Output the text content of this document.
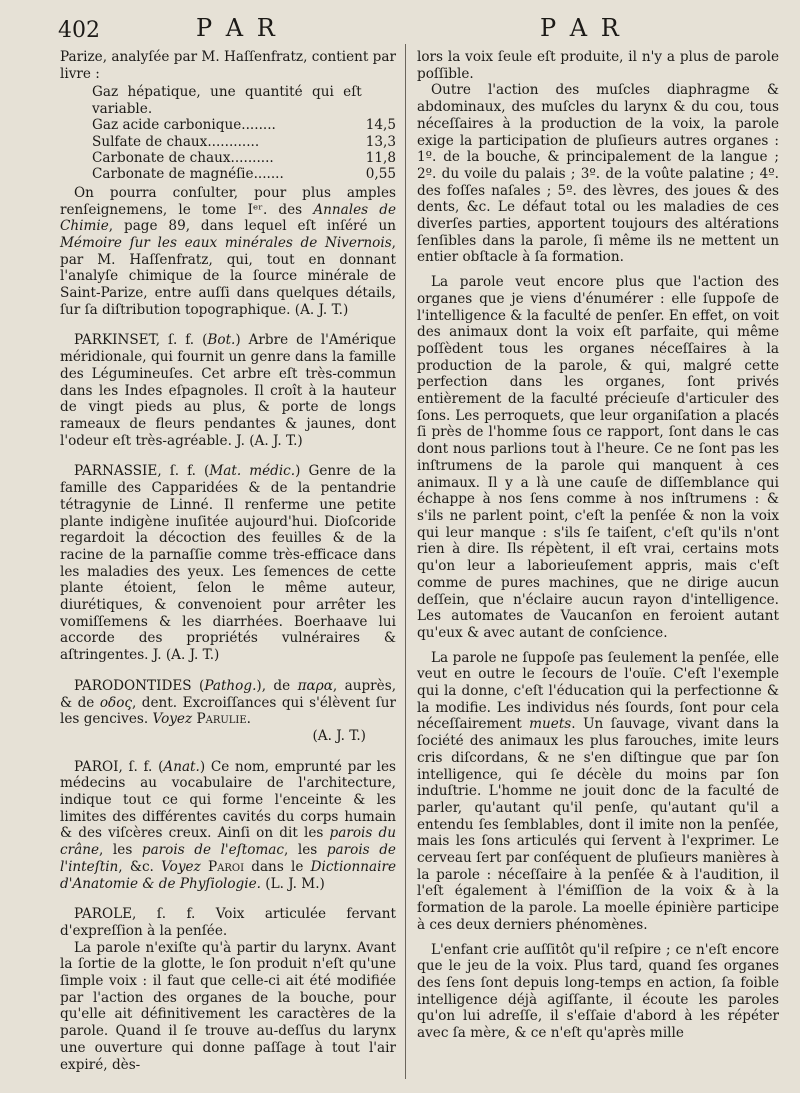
402	P A R	P A R

Parize, analyſée par M. Haſſenfratz, contient par livre :

Gaz hépatique, une quantité qui eſt variable.	
Gaz acide carbonique........	14,5
Sulfate de chaux............	13,3
Carbonate de chaux..........	11,8
Carbonate de magnéſie.......	0,55

On pourra conſulter, pour plus amples renſeignemens, le tome Iᵉʳ. des Annales de Chimie, page 89, dans lequel eſt inſéré un Mémoire ſur les eaux minérales de Nivernois, par M. Haſſenfratz, qui, tout en donnant l'analyſe chimique de la ſource minérale de Saint-Parize, entre auſſi dans quelques détails, ſur ſa diſtribution topographique. (A. J. T.)

PARKINSET, ſ. f. (Bot.) Arbre de l'Amérique méridionale, qui fournit un genre dans la famille des Légumineuſes. Cet arbre eſt très-commun dans les Indes eſpagnoles. Il croît à la hauteur de vingt pieds au plus, & porte de longs rameaux de fleurs pendantes & jaunes, dont l'odeur eſt très-agréable. J. (A. J. T.)

PARNASSIE, ſ. f. (Mat. médic.) Genre de la famille des Capparidées & de la pentandrie tétragynie de Linné. Il renferme une petite plante indigène inuſitée aujourd'hui. Dioſcoride regardoit la décoction des feuilles & de la racine de la parnaſſie comme très-efficace dans les maladies des yeux. Les ſemences de cette plante étoient, ſelon le même auteur, diurétiques, & convenoient pour arrêter les vomiſſemens & les diarrhées. Boerhaave lui accorde des propriétés vulnéraires & aſtringentes. J. (A. J. T.)

PARODONTIDES (Pathog.), de παρα, auprès, & de οδος, dent. Excroiſſances qui s'élèvent ſur les gencives. Voyez Parulie.

(A. J. T.)

PAROI, ſ. f. (Anat.) Ce nom, emprunté par les médecins au vocabulaire de l'architecture, indique tout ce qui forme l'enceinte & les limites des différentes cavités du corps humain & des viſcères creux. Ainſi on dit les parois du crâne, les parois de l'eſtomac, les parois de l'inteſtin, &c. Voyez Paroi dans le Dictionnaire d'Anatomie & de Phyſiologie. (L. J. M.)

PAROLE, ſ. f. Voix articulée fervant d'expreſſion à la penſée.

La parole n'exiſte qu'à partir du larynx. Avant la ſortie de la glotte, le ſon produit n'eſt qu'une ſimple voix : il faut que celle-ci ait été modifiée par l'action des organes de la bouche, pour qu'elle ait définitivement les caractères de la parole. Quand il ſe trouve au-deſſus du larynx une ouverture qui donne paſſage à tout l'air expiré, dès-

lors la voix ſeule eſt produite, il n'y a plus de parole poſſible.

Outre l'action des muſcles diaphragme & abdominaux, des muſcles du larynx & du cou, tous néceſſaires à la production de la voix, la parole exige la participation de pluſieurs autres organes : 1º. de la bouche, & principalement de la langue ; 2º. du voile du palais ; 3º. de la voûte palatine ; 4º. des foſſes naſales ; 5º. des lèvres, des joues & des dents, &c. Le défaut total ou les maladies de ces diverſes parties, apportent toujours des altérations ſenſibles dans la parole, ſi même ils ne mettent un entier obſtacle à ſa formation.

La parole veut encore plus que l'action des organes que je viens d'énumérer : elle ſuppoſe de l'intelligence & la faculté de penſer. En effet, on voit des animaux dont la voix eſt parfaite, qui même poſſèdent tous les organes néceſſaires à la production de la parole, & qui, malgré cette perfection dans les organes, ſont privés entièrement de la faculté précieuſe d'articuler des ſons. Les perroquets, que leur organiſation a placés ſi près de l'homme ſous ce rapport, ſont dans le cas dont nous parlions tout à l'heure. Ce ne ſont pas les inſtrumens de la parole qui manquent à ces animaux. Il y a là une cauſe de diſſemblance qui échappe à nos ſens comme à nos inſtrumens : & s'ils ne parlent point, c'eſt la penſée & non la voix qui leur manque : s'ils ſe taiſent, c'eſt qu'ils n'ont rien à dire. Ils répètent, il eſt vrai, certains mots qu'on leur a laborieuſement appris, mais c'eſt comme de pures machines, que ne dirige aucun deſſein, que n'éclaire aucun rayon d'intelligence. Les automates de Vaucanſon en feroient autant qu'eux & avec autant de conſcience.

La parole ne ſuppoſe pas ſeulement la penſée, elle veut en outre le ſecours de l'ouïe. C'eſt l'exemple qui la donne, c'eſt l'éducation qui la perfectionne & la modifie. Les individus nés ſourds, ſont pour cela néceſſairement muets. Un ſauvage, vivant dans la ſociété des animaux les plus farouches, imite leurs cris diſcordans, & ne s'en diſtingue que par ſon intelligence, qui ſe décèle du moins par ſon induſtrie. L'homme ne jouit donc de la faculté de parler, qu'autant qu'il penſe, qu'autant qu'il a entendu ſes ſemblables, dont il imite non la penſée, mais les ſons articulés qui ſervent à l'exprimer. Le cerveau ſert par conſéquent de pluſieurs manières à la parole : néceſſaire à la penſée & à l'audition, il l'eſt également à l'émiſſion de la voix & à la formation de la parole. La moelle épinière participe à ces deux derniers phénomènes.

L'enfant crie auſſitôt qu'il reſpire ; ce n'eſt encore que le jeu de la voix. Plus tard, quand ſes organes des ſens ſont depuis long-temps en action, ſa foible intelligence déjà agiſſante, il écoute les paroles qu'on lui adreſſe, il s'eſſaie d'abord à les répéter avec ſa mère, & ce n'eſt qu'après mille
